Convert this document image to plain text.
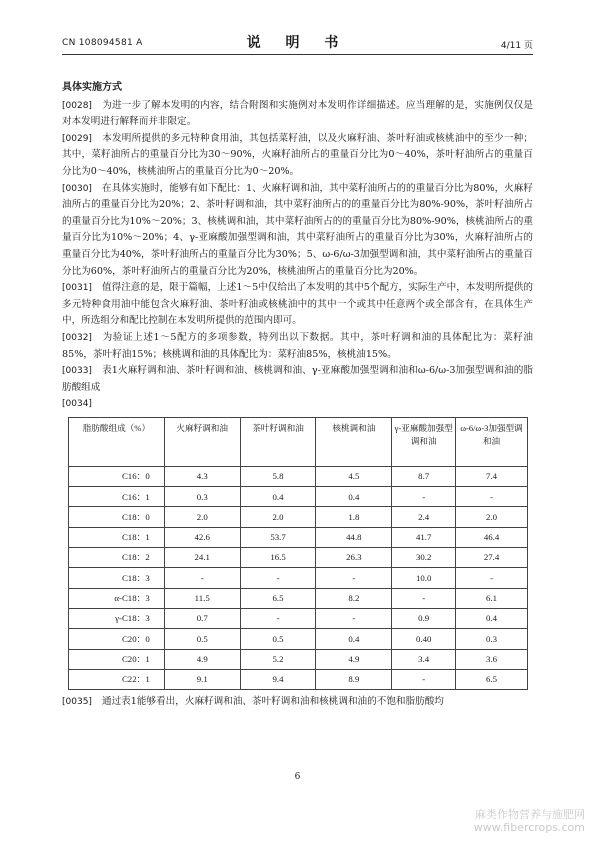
CN 108094581 A	说 明 书	4/11 页
具体实施方式

[0028] 为进一步了解本发明的内容，结合附图和实施例对本发明作详细描述。应当理解的是，实施例仅仅是对本发明进行解释而并非限定。

[0029] 本发明所提供的多元特种食用油，其包括菜籽油，以及火麻籽油、茶叶籽油或核桃油中的至少一种；其中，菜籽油所占的重量百分比为30～90%，火麻籽油所占的重量百分比为0～40%，茶叶籽油所占的重量百分比为0～40%，核桃油所占的重量百分比为0～20%。

[0030] 在具体实施时，能够有如下配比：1、火麻籽调和油，其中菜籽油所占的的重量百分比为80%，火麻籽油所占的重量百分比为20%；2、茶叶籽调和油，其中菜籽油所占的的重量百分比为80%-90%，茶叶籽油所占的重量百分比为10%～20%；3、核桃调和油，其中菜籽油所占的的重量百分比为80%-90%，核桃油所占的重量百分比为10%～20%；4、γ-亚麻酸加强型调和油，其中菜籽油所占的重量百分比为30%，火麻籽油所占的重量百分比为40%，茶叶籽油所占的重量百分比为30%；5、ω-6/ω-3加强型调和油，其中菜籽油所占的重量百分比为60%，茶叶籽油所占的重量百分比为20%，核桃油所占的重量百分比为20%。

[0031] 值得注意的是，限于篇幅，上述1～5中仅给出了本发明的其中5个配方，实际生产中，本发明所提供的多元特种食用油中能包含火麻籽油、茶叶籽油或核桃油中的其中一个或其中任意两个或全部含有，在具体生产中，所选组分和配比控制在本发明所提供的范围内即可。

[0032] 为验证上述1～5配方的多项参数，特列出以下数据。其中，茶叶籽调和油的具体配比为：菜籽油85%，茶叶籽油15%；核桃调和油的具体配比为：菜籽油85%，核桃油15%。

[0033] 表1火麻籽调和油、茶叶籽调和油、核桃调和油、γ-亚麻酸加强型调和油和ω-6/ω-3加强型调和油的脂肪酸组成

[0034]

脂肪酸组成（%）	火麻籽调和油	茶叶籽调和油	核桃调和油	γ-亚麻酸加强型调和油	ω-6/ω-3加强型调和油
C16：0	4.3	5.8	4.5	8.7	7.4
C16：1	0.3	0.4	0.4	-	-
C18：0	2.0	2.0	1.8	2.4	2.0
C18：1	42.6	53.7	44.8	41.7	46.4
C18：2	24.1	16.5	26.3	30.2	27.4
C18：3	-	-	-	10.0	-
α-C18：3	11.5	6.5	8.2	-	6.1
γ-C18：3	0.7	-	-	0.9	0.4
C20：0	0.5	0.5	0.4	0.40	0.3
C20：1	4.9	5.2	4.9	3.4	3.6
C22：1	9.1	9.4	8.9	-	6.5

[0035] 通过表1能够看出，火麻籽调和油、茶叶籽调和油和核桃调和油的不饱和脂肪酸均

6
麻类作物营养与施肥网
www.fibercrops.com
